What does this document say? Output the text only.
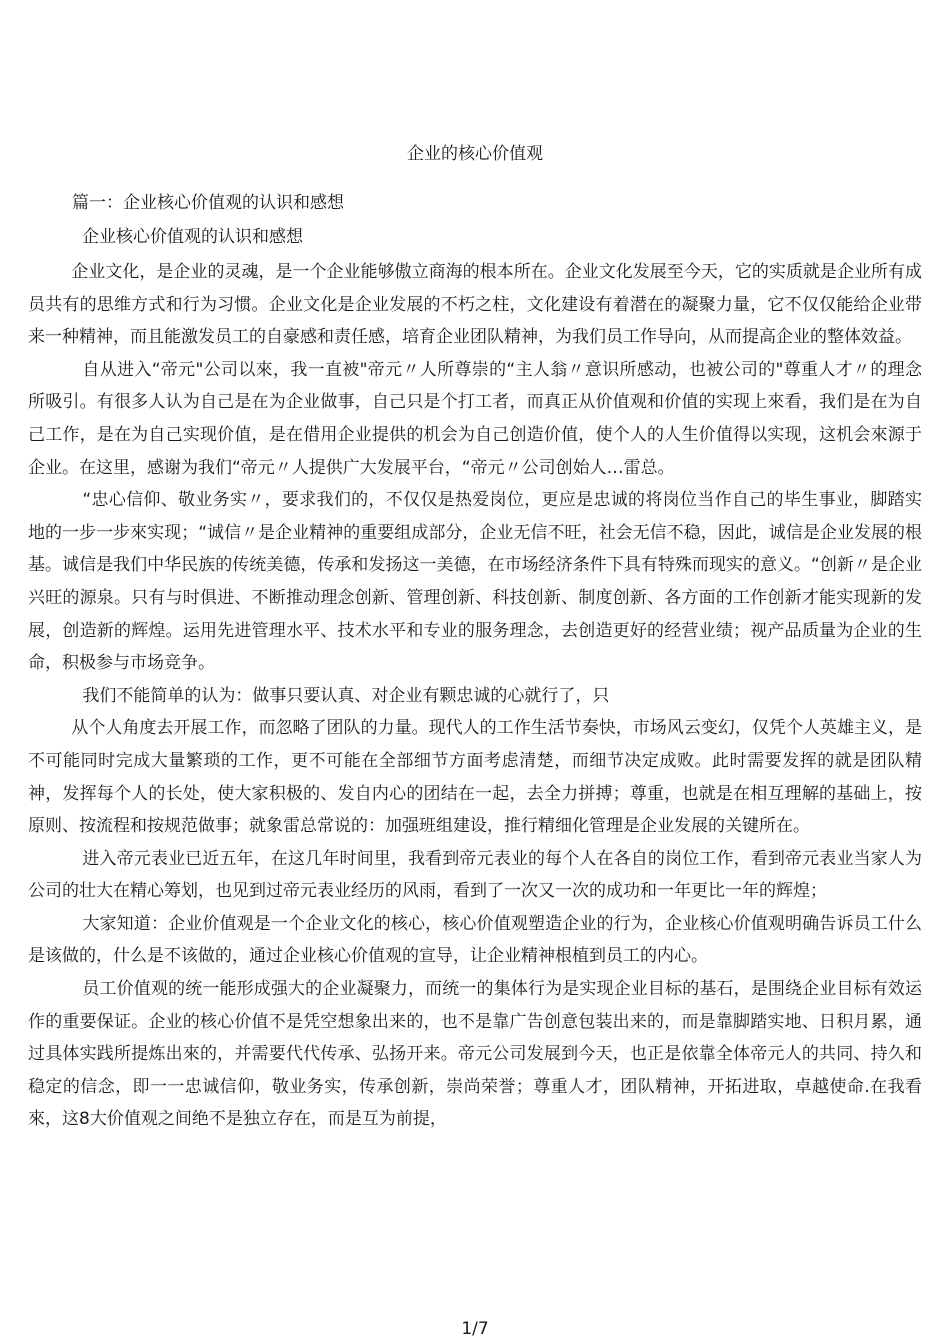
企业的核心价值观
篇一：企业核心价值观的认识和感想
企业核心价值观的认识和感想

企业文化，是企业的灵魂，是一个企业能够傲立商海的根本所在。企业文化发展至今天，它的实质就是企业所有成员共有的思维方式和行为习惯。企业文化是企业发展的不朽之柱，文化建设有着潜在的凝聚力量，它不仅仅能给企业带来一种精神，而且能激发员工的自豪感和责任感，培育企业团队精神，为我们员工作导向，从而提高企业的整体效益。

自从进入“帝元"公司以來，我一直被"帝元〃人所尊崇的“主人翁〃意识所感动，也被公司的"尊重人才〃的理念所吸引。有很多人认为自己是在为企业做事，自己只是个打工者，而真正从价值观和价值的实现上來看，我们是在为自己工作，是在为自己实现价值，是在借用企业提供的机会为自己创造价值，使个人的人生价值得以实现，这机会來源于企业。在这里，感谢为我们“帝元〃人提供广大发展平台，“帝元〃公司创始人…雷总。

“忠心信仰、敬业务实〃，要求我们的，不仅仅是热爱岗位，更应是忠诚的将岗位当作自己的毕生事业，脚踏实地的一步一步來实现；“诚信〃是企业精神的重要组成部分，企业无信不旺，社会无信不稳，因此，诚信是企业发展的根基。诚信是我们中华民族的传统美德，传承和发扬这一美德，在市场经济条件下具有特殊而现实的意义。“创新〃是企业兴旺的源泉。只有与时俱进、不断推动理念创新、管理创新、科技创新、制度创新、各方面的工作创新才能实现新的发展，创造新的辉煌。运用先进管理水平、技术水平和专业的服务理念，去创造更好的经营业绩；视产品质量为企业的生命，积极参与市场竞争。

我们不能简单的认为：做事只要认真、对企业有颗忠诚的心就行了，只

从个人角度去开展工作，而忽略了团队的力量。现代人的工作生活节奏快，市场风云变幻，仅凭个人英雄主义，是不可能同时完成大量繁琐的工作，更不可能在全部细节方面考虑清楚，而细节决定成败。此时需要发挥的就是团队精神，发挥每个人的长处，使大家积极的、发自内心的团结在一起，去全力拼搏；尊重，也就是在相互理解的基础上，按原则、按流程和按规范做事；就象雷总常说的：加强班组建设，推行精细化管理是企业发展的关键所在。

进入帝元表业已近五年，在这几年时间里，我看到帝元表业的每个人在各自的岗位工作，看到帝元表业当家人为公司的壮大在精心筹划，也见到过帝元表业经历的风雨，看到了一次又一次的成功和一年更比一年的辉煌；

大家知道：企业价值观是一个企业文化的核心，核心价值观塑造企业的行为，企业核心价值观明确告诉员工什么是该做的，什么是不该做的，通过企业核心价值观的宣导，让企业精神根植到员工的内心。

员工价值观的统一能形成强大的企业凝聚力，而统一的集体行为是实现企业目标的基石，是围绕企业目标有效运作的重要保证。企业的核心价值不是凭空想象出来的，也不是靠广告创意包装出来的，而是靠脚踏实地、日积月累，通过具体实践所提炼出來的，并需要代代传承、弘扬开来。帝元公司发展到今天，也正是依靠全体帝元人的共同、持久和稳定的信念，即一一忠诚信仰，敬业务实，传承创新，崇尚荣誉；尊重人才，团队精神，开拓进取，卓越使命.在我看來，这8大价值观之间绝不是独立存在，而是互为前提，

1/7
